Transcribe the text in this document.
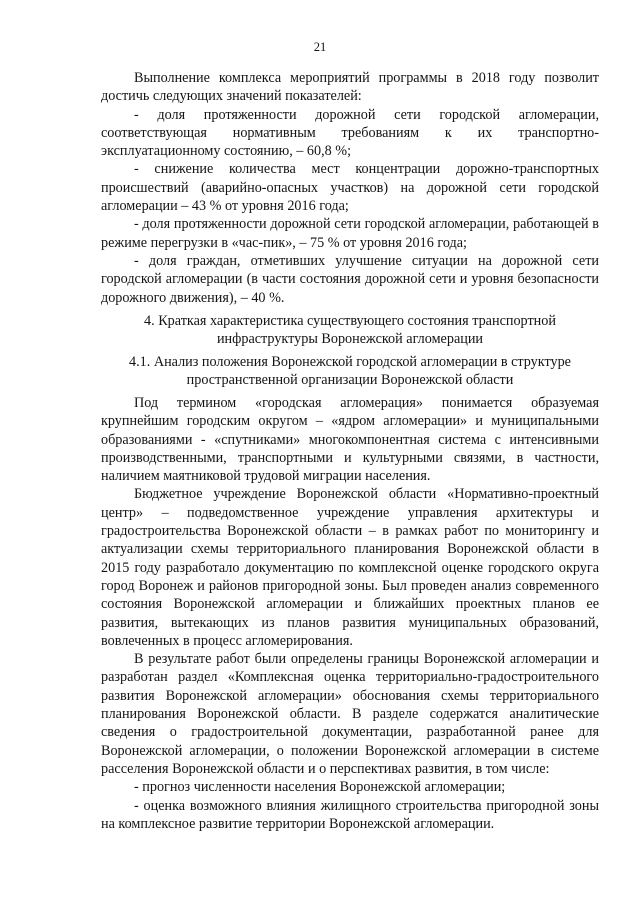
21

Выполнение комплекса мероприятий программы в 2018 году позволит достичь следующих значений показателей:

- доля протяженности дорожной сети городской агломерации, соответствующая нормативным требованиям к их транспортно-эксплуатационному состоянию, – 60,8 %;

- снижение количества мест концентрации дорожно-транспортных происшествий (аварийно-опасных участков) на дорожной сети городской агломерации – 43 % от уровня 2016 года;

- доля протяженности дорожной сети городской агломерации, работающей в режиме перегрузки в «час-пик», – 75 % от уровня 2016 года;

- доля граждан, отметивших улучшение ситуации на дорожной сети городской агломерации (в части состояния дорожной сети и уровня безопасности дорожного движения), – 40 %.

4. Краткая характеристика существующего состояния транспортной
инфраструктуры Воронежской агломерации
4.1. Анализ положения Воронежской городской агломерации в структуре
пространственной организации Воронежской области

Под термином «городская агломерация» понимается образуемая крупнейшим городским округом – «ядром агломерации» и муниципальными образованиями - «спутниками» многокомпонентная система с интенсивными производственными, транспортными и культурными связями, в частности, наличием маятниковой трудовой миграции населения.

Бюджетное учреждение Воронежской области «Нормативно-проектный центр» – подведомственное учреждение управления архитектуры и градостроительства Воронежской области – в рамках работ по мониторингу и актуализации схемы территориального планирования Воронежской области в 2015 году разработало документацию по комплексной оценке городского округа город Воронеж и районов пригородной зоны. Был проведен анализ современного состояния Воронежской агломерации и ближайших проектных планов ее развития, вытекающих из планов развития муниципальных образований, вовлеченных в процесс агломерирования.

В результате работ были определены границы Воронежской агломерации и разработан раздел «Комплексная оценка территориально-градостроительного развития Воронежской агломерации» обоснования схемы территориального планирования Воронежской области. В разделе содержатся аналитические сведения о градостроительной документации, разработанной ранее для Воронежской агломерации, о положении Воронежской агломерации в системе расселения Воронежской области и о перспективах развития, в том числе:

- прогноз численности населения Воронежской агломерации;

- оценка возможного влияния жилищного строительства пригородной зоны на комплексное развитие территории Воронежской агломерации.
